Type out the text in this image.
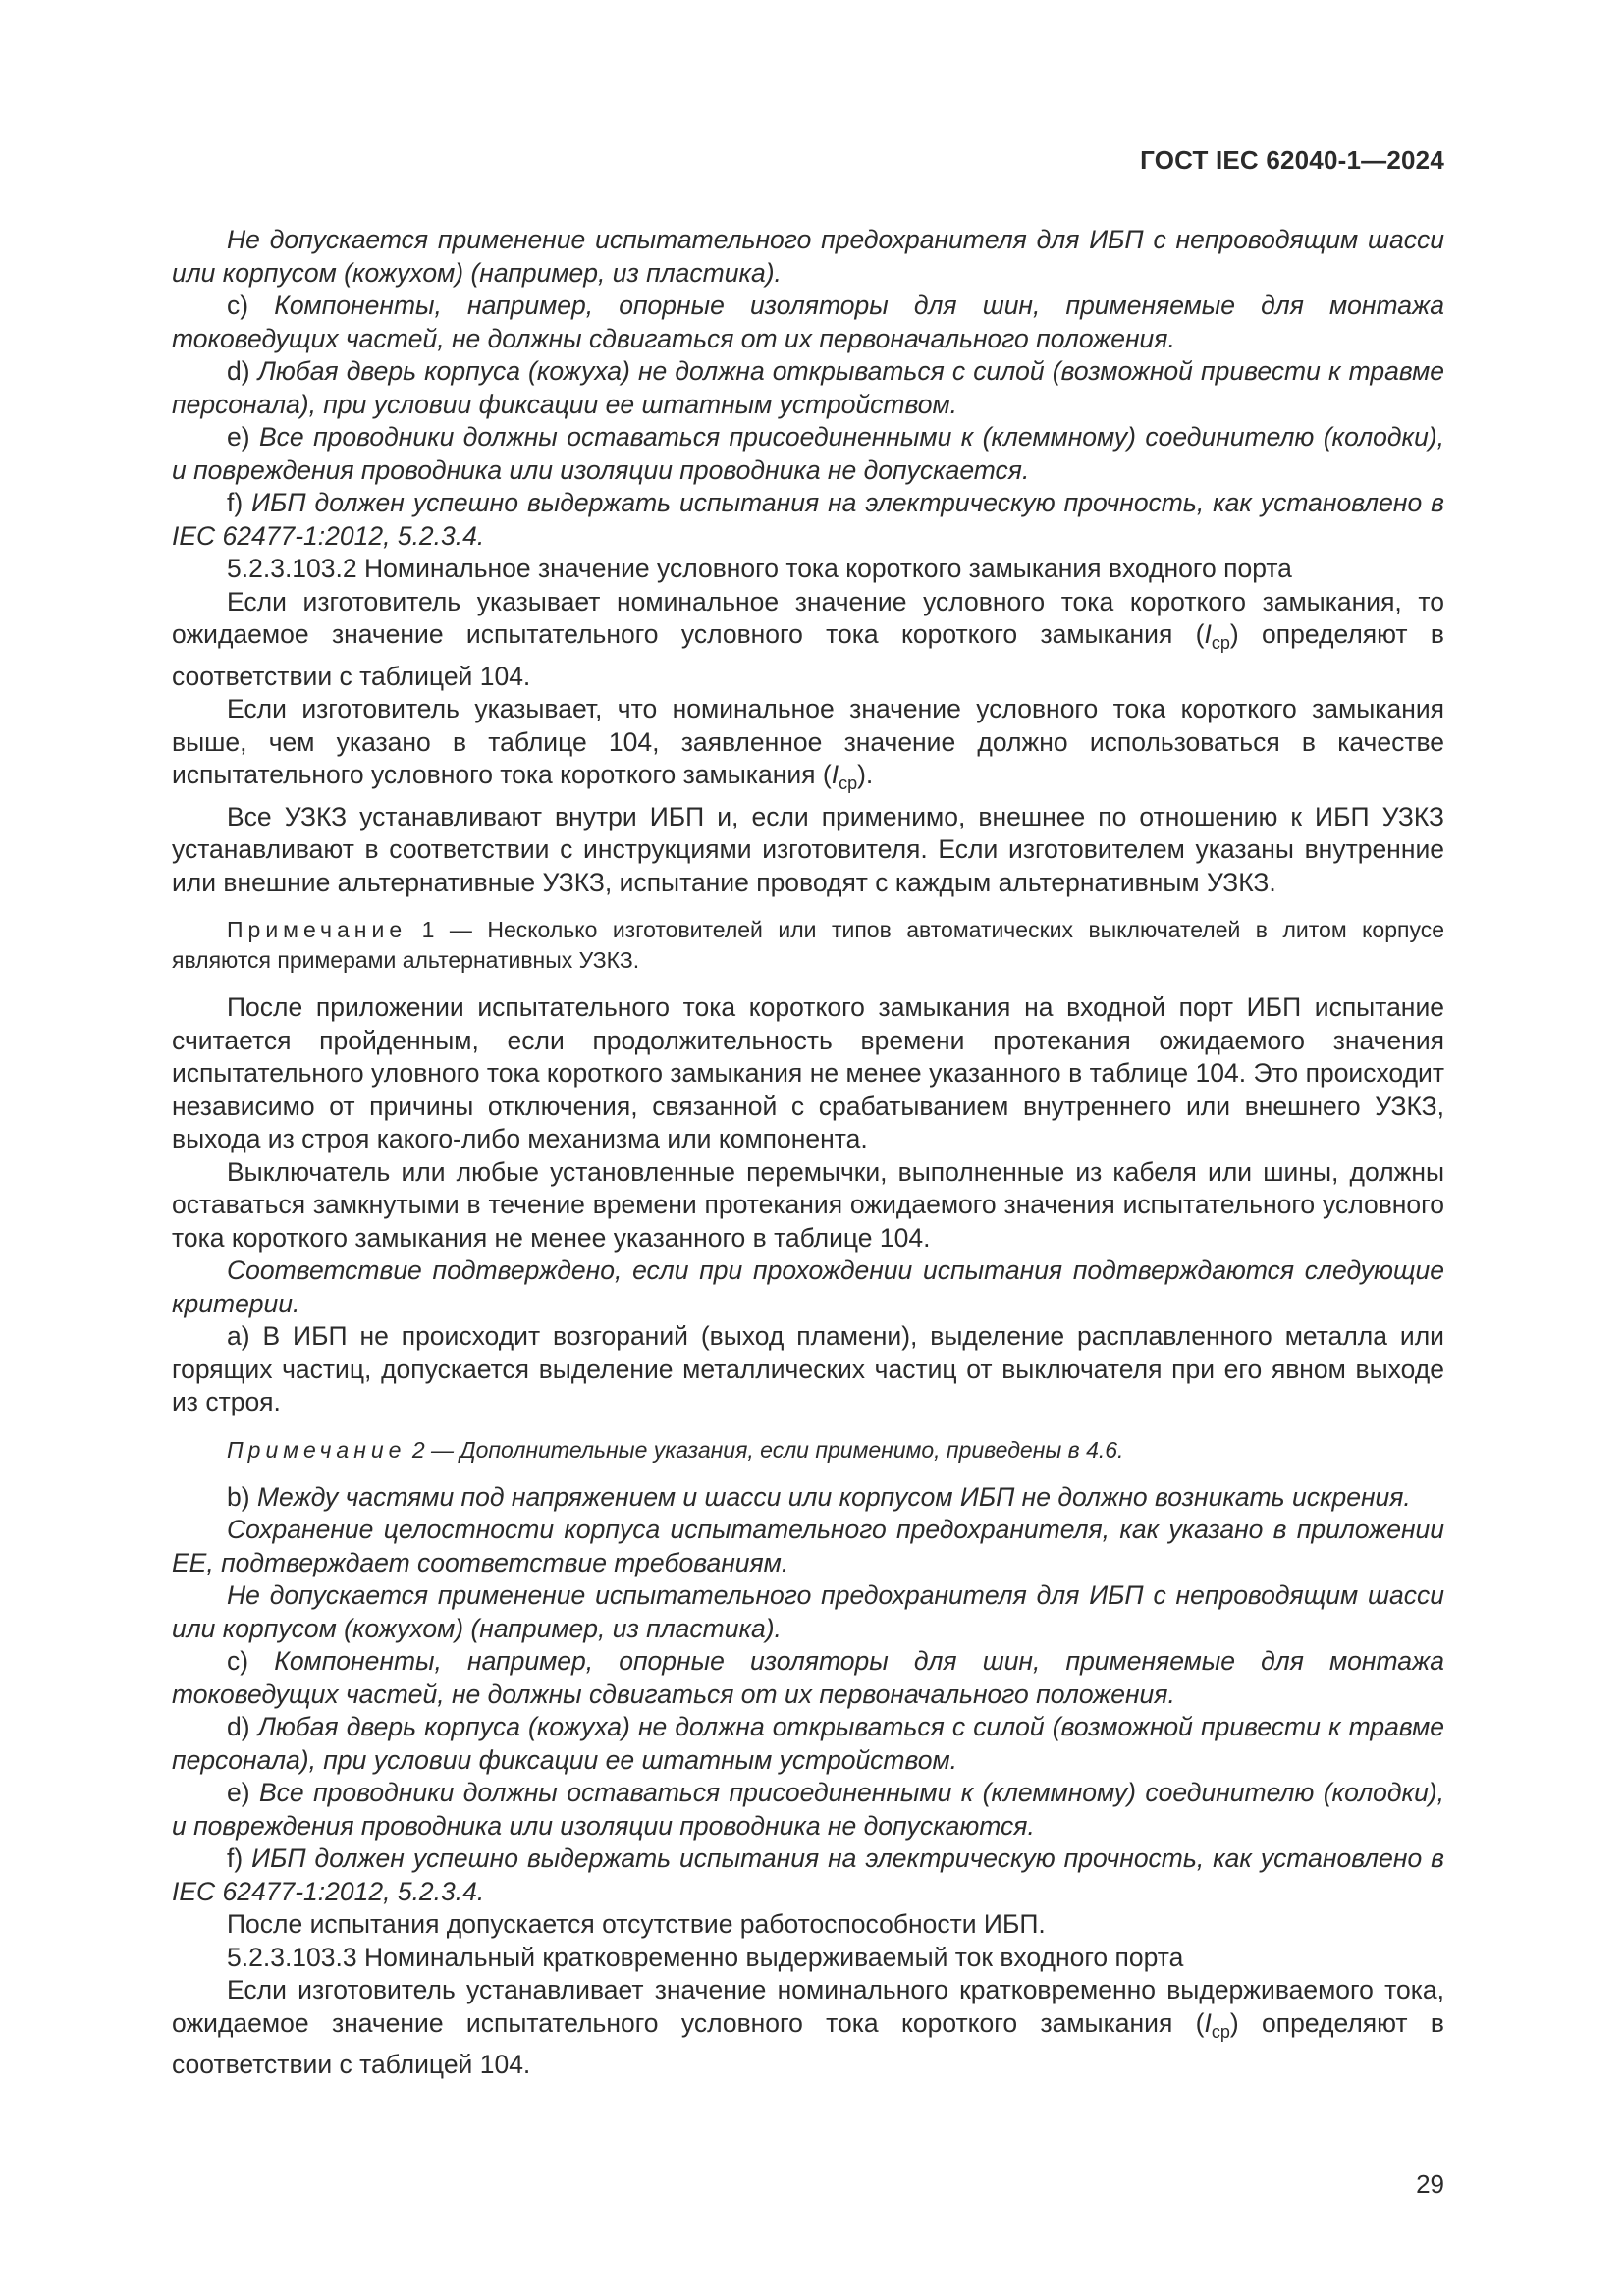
ГОСТ IEC 62040-1—2024

Не допускается применение испытательного предохранителя для ИБП с непроводящим шасси или корпусом (кожухом) (например, из пластика).

с) Компоненты, например, опорные изоляторы для шин, применяемые для монтажа токоведущих частей, не должны сдвигаться от их первоначального положения.

d) Любая дверь корпуса (кожуха) не должна открываться с силой (возможной привести к травме персонала), при условии фиксации ее штатным устройством.

е) Все проводники должны оставаться присоединенными к (клеммному) соединителю (колодки), и повреждения проводника или изоляции проводника не допускается.

f) ИБП должен успешно выдержать испытания на электрическую прочность, как установлено в IEC 62477-1:2012, 5.2.3.4.

5.2.3.103.2 Номинальное значение условного тока короткого замыкания входного порта

Если изготовитель указывает номинальное значение условного тока короткого замыкания, то ожидаемое значение испытательного условного тока короткого замыкания $(I_{cp})$ определяют в соответствии с таблицей 104.

Если изготовитель указывает, что номинальное значение условного тока короткого замыкания выше, чем указано в таблице 104, заявленное значение должно использоваться в качестве испытательного условного тока короткого замыкания $(I_{cp})$.

Все УЗКЗ устанавливают внутри ИБП и, если применимо, внешнее по отношению к ИБП УЗКЗ устанавливают в соответствии с инструкциями изготовителя. Если изготовителем указаны внутренние или внешние альтернативные УЗКЗ, испытание проводят с каждым альтернативным УЗКЗ.

Примечание 1 — Несколько изготовителей или типов автоматических выключателей в литом корпусе являются примерами альтернативных УЗКЗ.

После приложении испытательного тока короткого замыкания на входной порт ИБП испытание считается пройденным, если продолжительность времени протекания ожидаемого значения испытательного уловного тока короткого замыкания не менее указанного в таблице 104. Это происходит независимо от причины отключения, связанной с срабатыванием внутреннего или внешнего УЗКЗ, выхода из строя какого-либо механизма или компонента.

Выключатель или любые установленные перемычки, выполненные из кабеля или шины, должны оставаться замкнутыми в течение времени протекания ожидаемого значения испытательного условного тока короткого замыкания не менее указанного в таблице 104.

Соответствие подтверждено, если при прохождении испытания подтверждаются следующие критерии.

а) В ИБП не происходит возгораний (выход пламени), выделение расплавленного металла или горящих частиц, допускается выделение металлических частиц от выключателя при его явном выходе из строя.

Примечание 2 — Дополнительные указания, если применимо, приведены в 4.6.

b) Между частями под напряжением и шасси или корпусом ИБП не должно возникать искрения.

Сохранение целостности корпуса испытательного предохранителя, как указано в приложении ЕЕ, подтверждает соответствие требованиям.

Не допускается применение испытательного предохранителя для ИБП с непроводящим шасси или корпусом (кожухом) (например, из пластика).

с) Компоненты, например, опорные изоляторы для шин, применяемые для монтажа токоведущих частей, не должны сдвигаться от их первоначального положения.

d) Любая дверь корпуса (кожуха) не должна открываться с силой (возможной привести к травме персонала), при условии фиксации ее штатным устройством.

е) Все проводники должны оставаться присоединенными к (клеммному) соединителю (колодки), и повреждения проводника или изоляции проводника не допускаются.

f) ИБП должен успешно выдержать испытания на электрическую прочность, как установлено в IEC 62477-1:2012, 5.2.3.4.

После испытания допускается отсутствие работоспособности ИБП.

5.2.3.103.3 Номинальный кратковременно выдерживаемый ток входного порта

Если изготовитель устанавливает значение номинального кратковременно выдерживаемого тока, ожидаемое значение испытательного условного тока короткого замыкания $(I_{cp})$ определяют в соответствии с таблицей 104.

29
